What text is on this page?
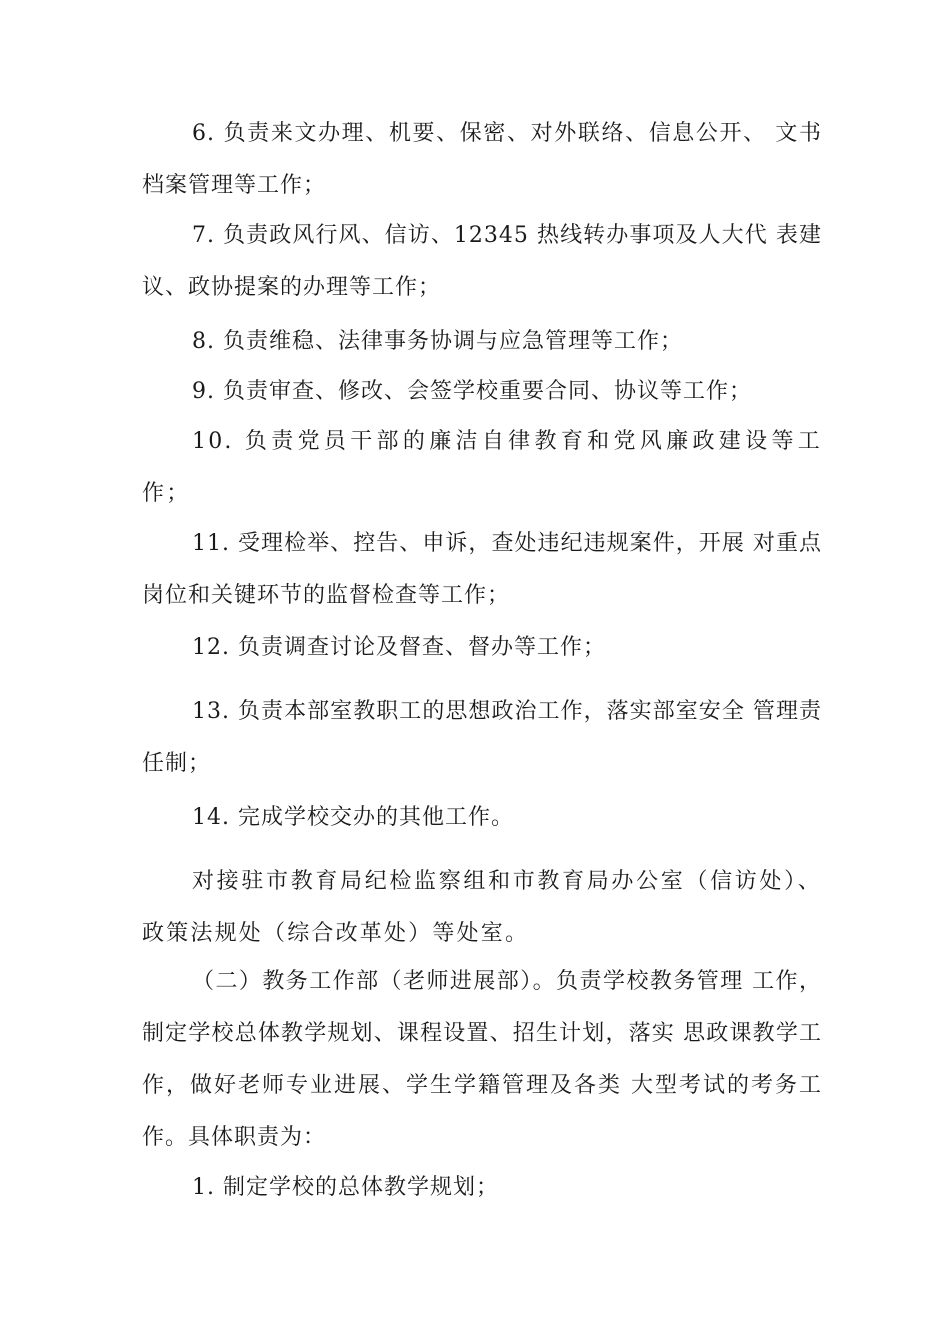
6. 负责来文办理、机要、保密、对外联络、信息公开、 文书档案管理等工作；

7. 负责政风行风、信访、12345 热线转办事项及人大代 表建议、政协提案的办理等工作；

8. 负责维稳、法律事务协调与应急管理等工作；

9. 负责审查、修改、会签学校重要合同、协议等工作；

10. 负责党员干部的廉洁自律教育和党风廉政建设等工作；

11. 受理检举、控告、申诉，查处违纪违规案件，开展 对重点岗位和关键环节的监督检查等工作；

12. 负责调查讨论及督查、督办等工作；

13. 负责本部室教职工的思想政治工作，落实部室安全 管理责任制；

14. 完成学校交办的其他工作。

对接驻市教育局纪检监察组和市教育局办公室（信访处）、政策法规处（综合改革处）等处室。

（二）教务工作部（老师进展部）。负责学校教务管理 工作，制定学校总体教学规划、课程设置、招生计划，落实 思政课教学工作，做好老师专业进展、学生学籍管理及各类 大型考试的考务工作。具体职责为：

1. 制定学校的总体教学规划；
